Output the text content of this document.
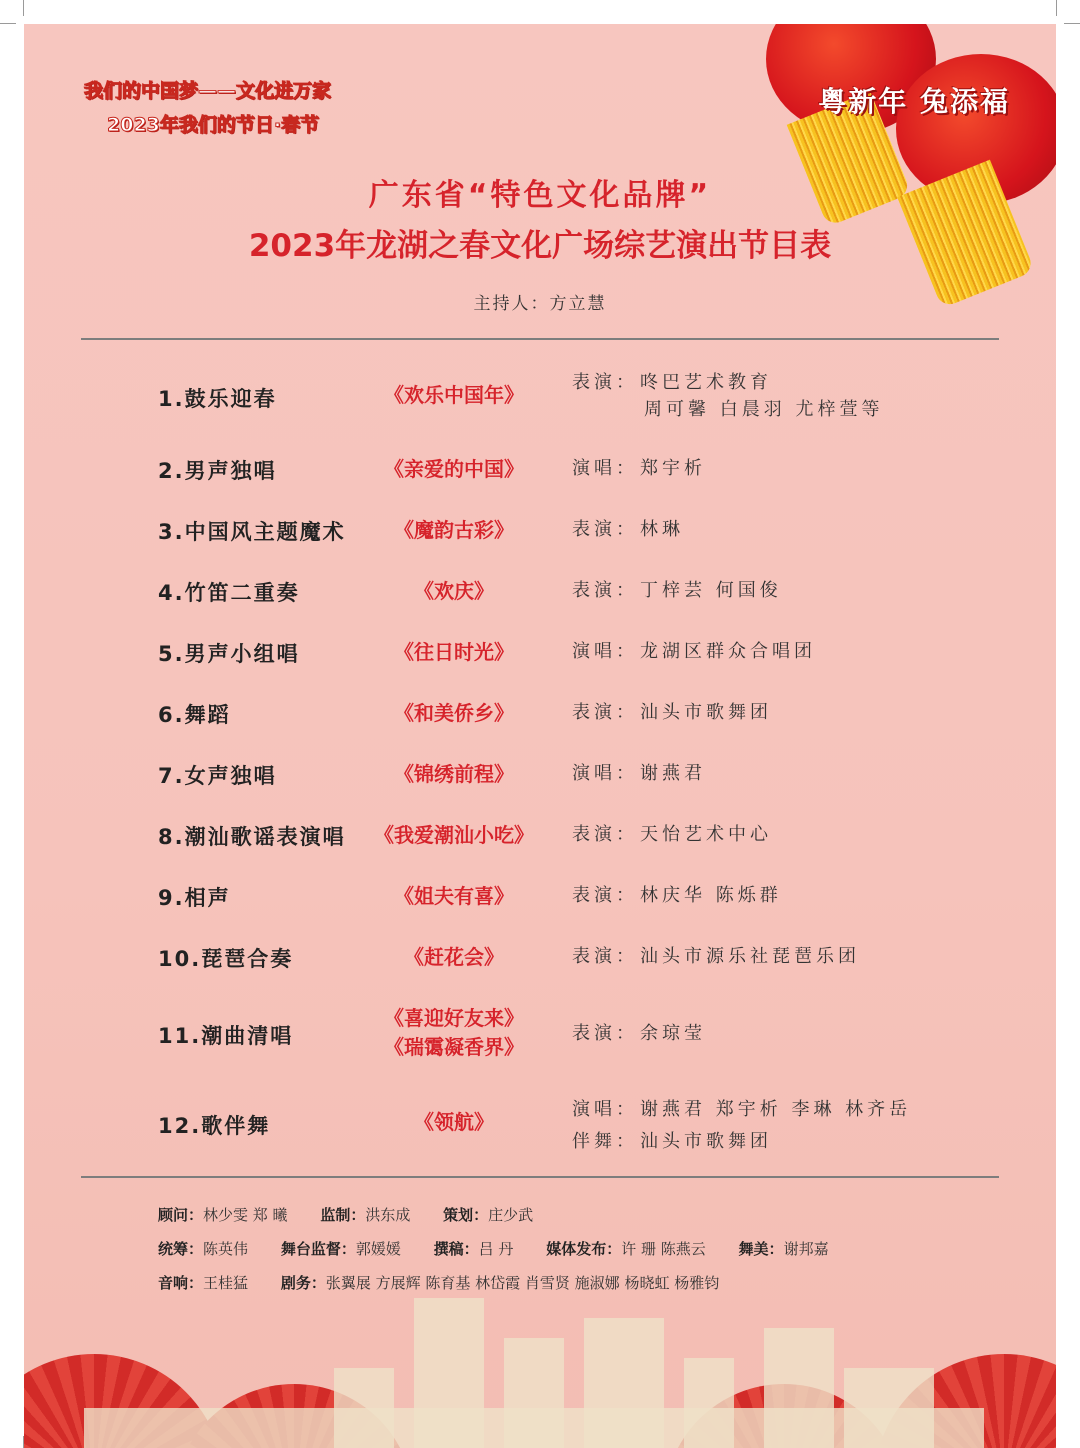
我们的中国梦——文化进万家
2023年我们的节日·春节
粤新年 兔添福
广东省“特色文化品牌”
2023年龙湖之春文化广场综艺演出节目表
主持人：方立慧
1.鼓乐迎春	《欢乐中国年》
表演： 咚巴艺术教育
周可馨 白晨羽 尤梓萱等
2.男声独唱	《亲爱的中国》	演唱： 郑宇析
3.中国风主题魔术	《魔韵古彩》	表演： 林琳
4.竹笛二重奏	《欢庆》	表演： 丁梓芸 何国俊
5.男声小组唱	《往日时光》	演唱： 龙湖区群众合唱团
6.舞蹈	《和美侨乡》	表演： 汕头市歌舞团
7.女声独唱	《锦绣前程》	演唱： 谢燕君
8.潮汕歌谣表演唱	《我爱潮汕小吃》	表演： 天怡艺术中心
9.相声	《姐夫有喜》	表演： 林庆华 陈烁群
10.琵琶合奏	《赶花会》	表演： 汕头市源乐社琵琶乐团
11.潮曲清唱
《喜迎好友来》
《瑞霭凝香界》
表演： 余琼莹
12.歌伴舞	《领航》
演唱： 谢燕君 郑宇析 李琳 林齐岳
伴舞： 汕头市歌舞团
顾问：林少雯 郑 曦 监制：洪东成 策划：庄少武
统筹：陈英伟 舞台监督：郭媛媛 撰稿：吕 丹 媒体发布：许 珊 陈燕云 舞美：谢邦嘉
音响：王桂猛 剧务：张翼展 方展辉 陈育基 林岱霞 肖雪贤 施淑娜 杨晓虹 杨雅钧
